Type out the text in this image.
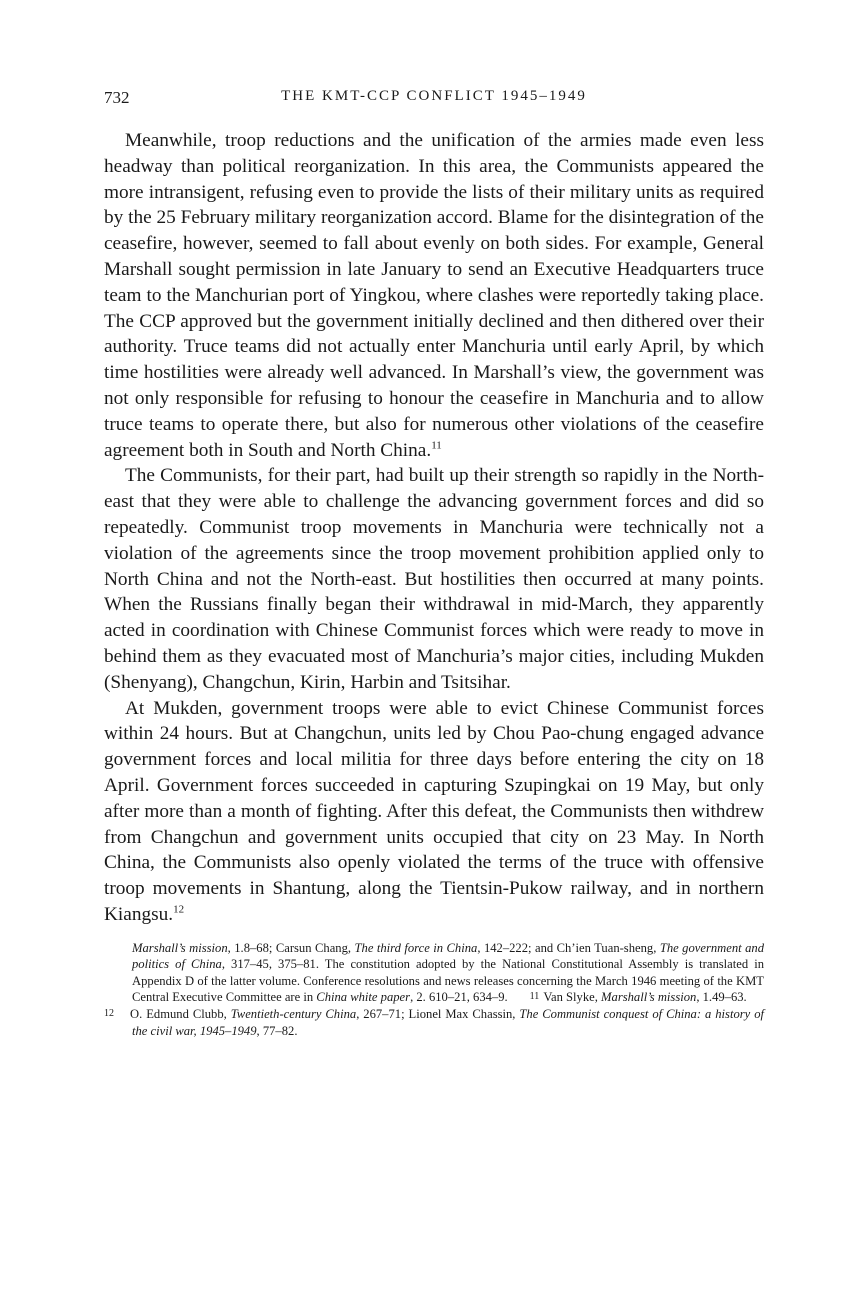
732	THE KMT-CCP CONFLICT 1945–1949

Meanwhile, troop reductions and the unification of the armies made even less headway than political reorganization. In this area, the Communists appeared the more intransigent, refusing even to provide the lists of their military units as required by the 25 February military reorganization accord. Blame for the disintegration of the ceasefire, however, seemed to fall about evenly on both sides. For example, General Marshall sought permission in late January to send an Executive Headquarters truce team to the Manchurian port of Yingkou, where clashes were reportedly taking place. The CCP approved but the government initially declined and then dithered over their authority. Truce teams did not actually enter Manchuria until early April, by which time hostilities were already well advanced. In Marshall’s view, the government was not only responsible for refusing to honour the ceasefire in Manchuria and to allow truce teams to operate there, but also for numerous other violations of the ceasefire agreement both in South and North China.$^{11}$

The Communists, for their part, had built up their strength so rapidly in the North-east that they were able to challenge the advancing government forces and did so repeatedly. Communist troop movements in Manchuria were technically not a violation of the agreements since the troop movement prohibition applied only to North China and not the North-east. But hostilities then occurred at many points. When the Russians finally began their withdrawal in mid-March, they apparently acted in coordination with Chinese Communist forces which were ready to move in behind them as they evacuated most of Manchuria’s major cities, including Mukden (Shenyang), Changchun, Kirin, Harbin and Tsitsihar.

At Mukden, government troops were able to evict Chinese Communist forces within 24 hours. But at Changchun, units led by Chou Pao-chung engaged advance government forces and local militia for three days before entering the city on 18 April. Government forces succeeded in capturing Szupingkai on 19 May, but only after more than a month of fighting. After this defeat, the Communists then withdrew from Changchun and government units occupied that city on 23 May. In North China, the Communists also openly violated the terms of the truce with offensive troop movements in Shantung, along the Tientsin-Pukow railway, and in northern Kiangsu.$^{12}$

Marshall’s mission, 1.8–68; Carsun Chang, The third force in China, 142–222; and Ch’ien Tuan-sheng, The government and politics of China, 317–45, 375–81. The constitution adopted by the National Constitutional Assembly is translated in Appendix D of the latter volume. Conference resolutions and news releases concerning the March 1946 meeting of the KMT Central Executive Committee are in China white paper, 2. 610–21, 634–9. 11 Van Slyke, Marshall’s mission, 1.49–63.

12 O. Edmund Clubb, Twentieth-century China, 267–71; Lionel Max Chassin, The Communist conquest of China: a history of the civil war, 1945–1949, 77–82.
